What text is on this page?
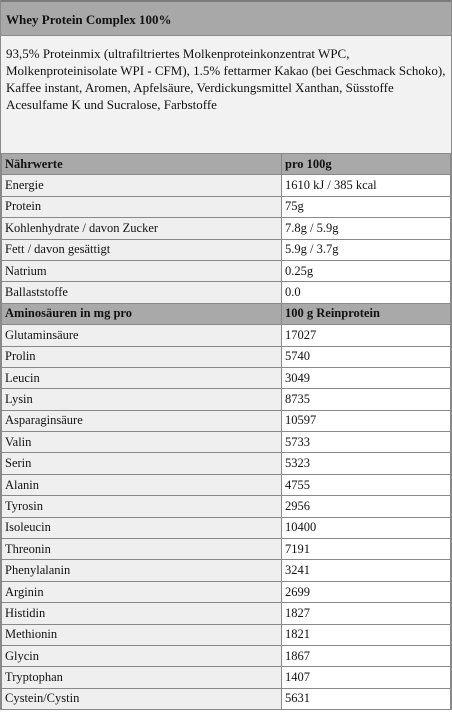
Whey Protein Complex 100%
93,5% Proteinmix (ultrafiltriertes Molkenproteinkonzentrat WPC, Molkenproteinisolate WPI - CFM), 1.5% fettarmer Kakao (bei Geschmack Schoko), Kaffee instant, Aromen, Apfelsäure, Verdickungsmittel Xanthan, Süsstoffe Acesulfame K und Sucralose, Farbstoffe
Nährwerte	pro 100g
Energie	1610 kJ / 385 kcal
Protein	75g
Kohlenhydrate / davon Zucker	7.8g / 5.9g
Fett / davon gesättigt	5.9g / 3.7g
Natrium	0.25g
Ballaststoffe	0.0
Aminosäuren in mg pro	100 g Reinprotein
Glutaminsäure	17027
Prolin	5740
Leucin	3049
Lysin	8735
Asparaginsäure	10597
Valin	5733
Serin	5323
Alanin	4755
Tyrosin	2956
Isoleucin	10400
Threonin	7191
Phenylalanin	3241
Arginin	2699
Histidin	1827
Methionin	1821
Glycin	1867
Tryptophan	1407
Cystein/Cystin	5631
